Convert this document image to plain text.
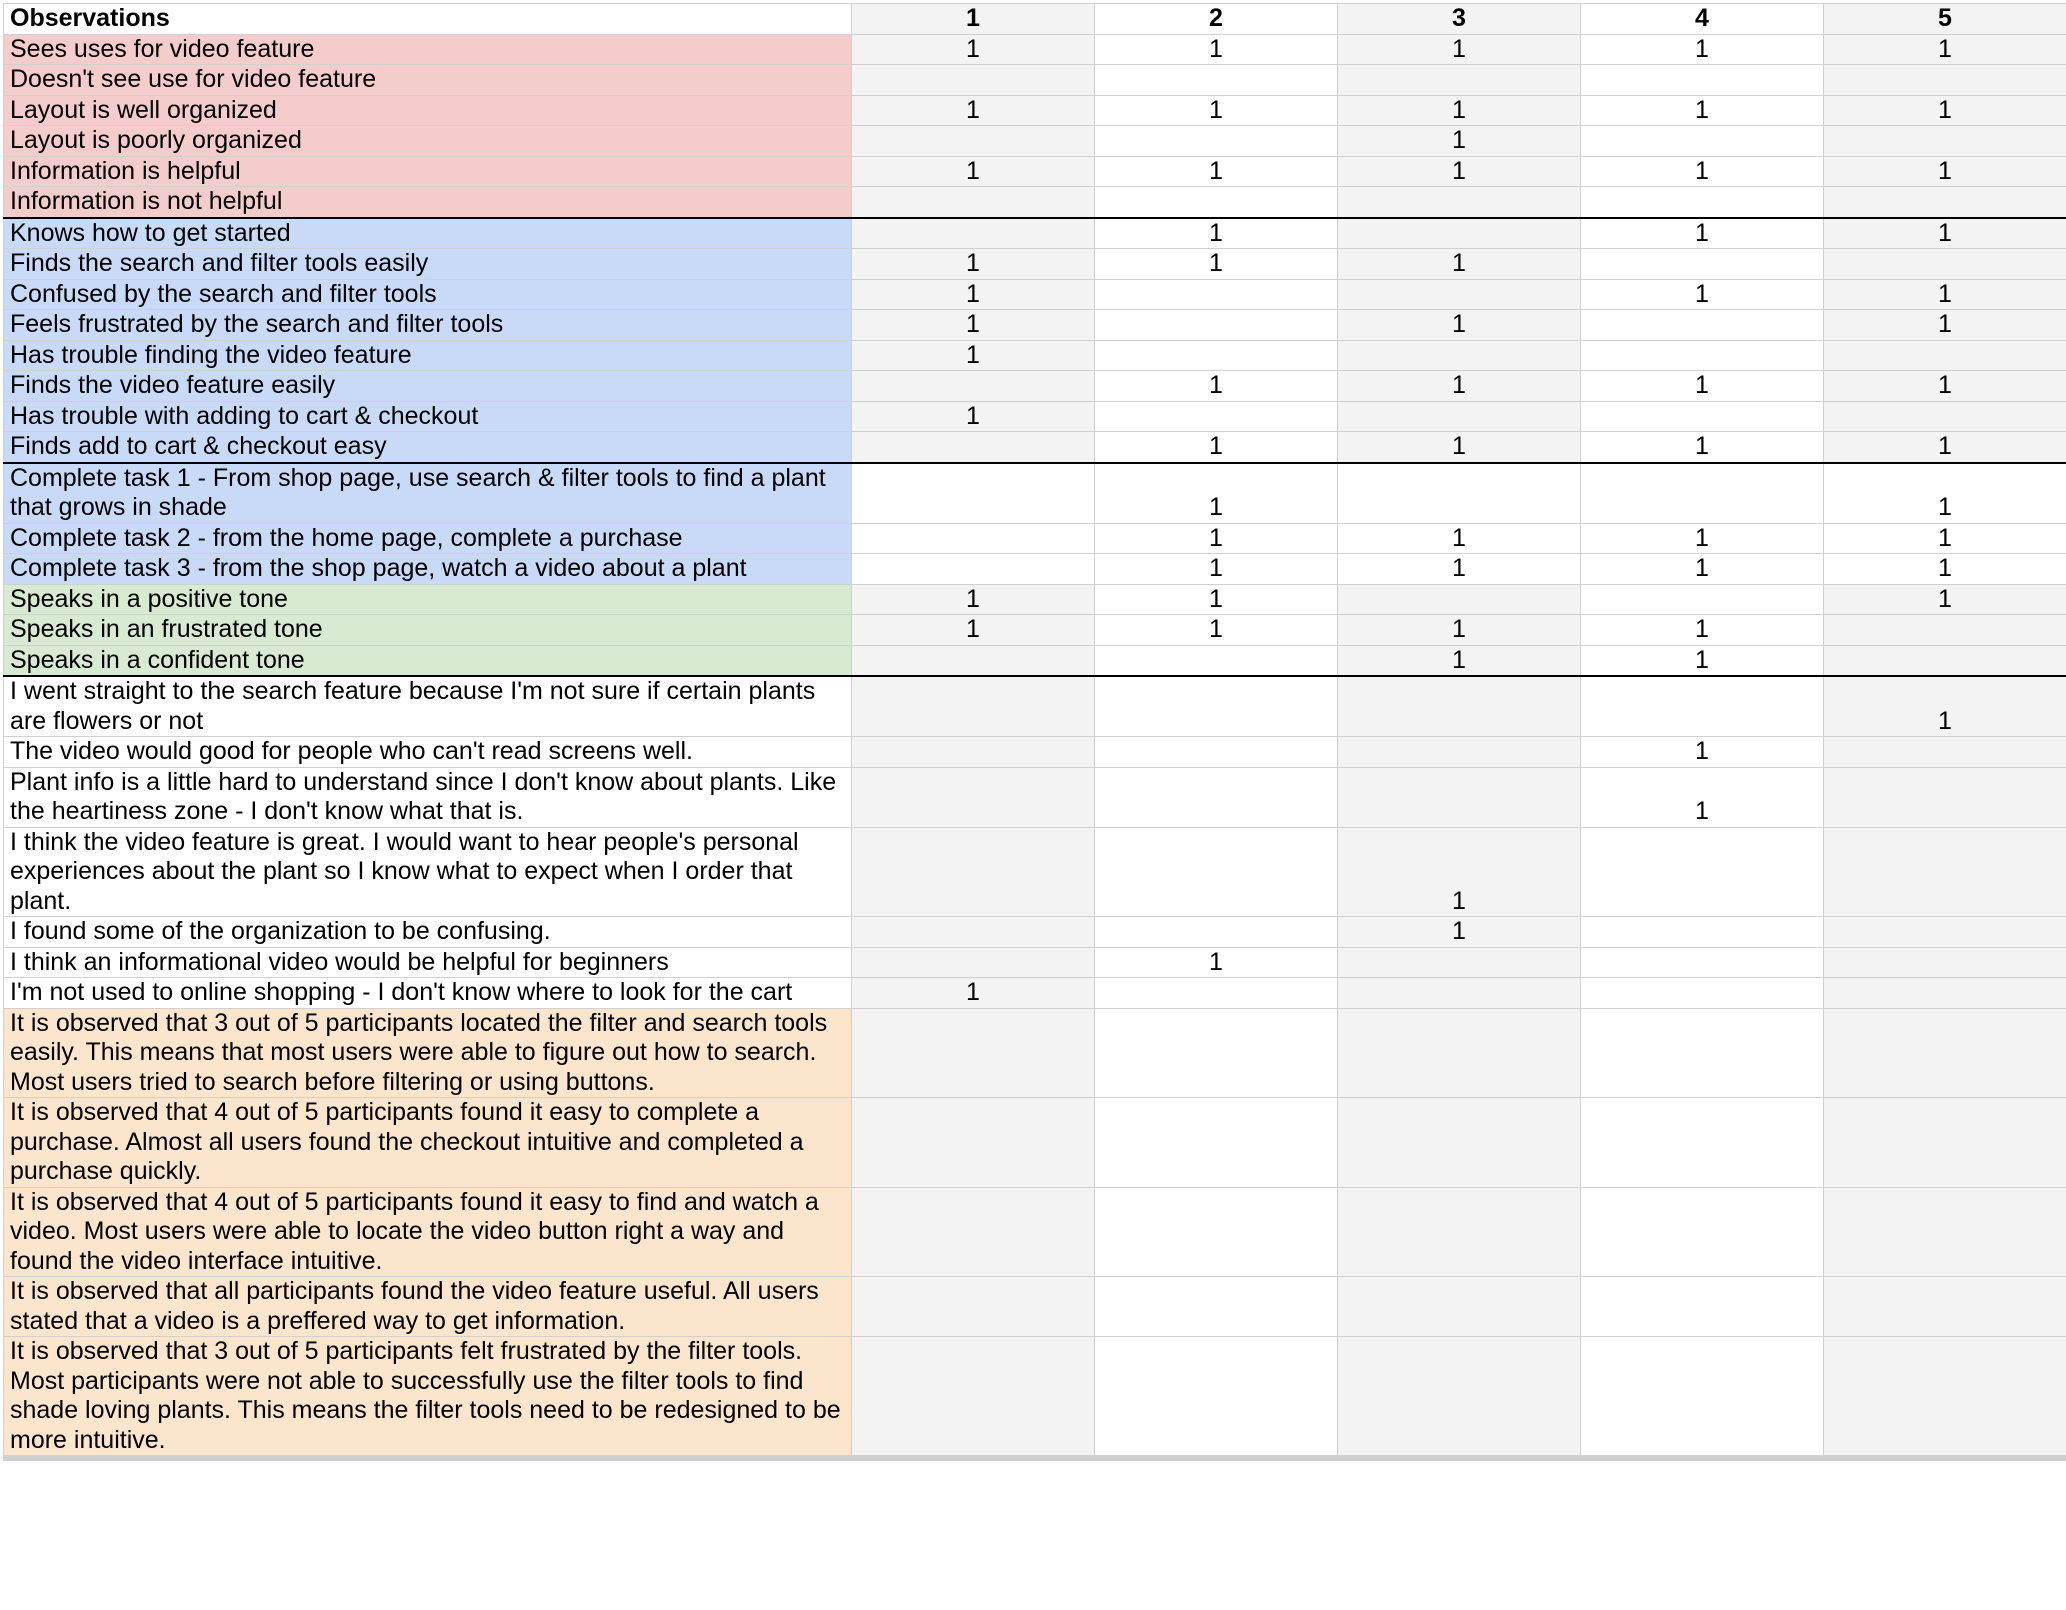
Observations	1	2	3	4	5
Sees uses for video feature	1	1	1	1	1
Doesn't see use for video feature					
Layout is well organized	1	1	1	1	1
Layout is poorly organized			1		
Information is helpful	1	1	1	1	1
Information is not helpful					
Knows how to get started		1		1	1
Finds the search and filter tools easily	1	1	1		
Confused by the search and filter tools	1			1	1
Feels frustrated by the search and filter tools	1		1		1
Has trouble finding the video feature	1				
Finds the video feature easily		1	1	1	1
Has trouble with adding to cart & checkout	1				
Finds add to cart & checkout easy		1	1	1	1
Complete task 1 - From shop page, use search & filter tools to find a plant that grows in shade		1			1
Complete task 2 - from the home page, complete a purchase		1	1	1	1
Complete task 3 - from the shop page, watch a video about a plant		1	1	1	1
Speaks in a positive tone	1	1			1
Speaks in an frustrated tone	1	1	1	1	
Speaks in a confident tone			1	1	
I went straight to the search feature because I'm not sure if certain plants are flowers or not					1
The video would good for people who can't read screens well.				1	
Plant info is a little hard to understand since I don't know about plants. Like the heartiness zone - I don't know what that is.				1	
I think the video feature is great. I would want to hear people's personal experiences about the plant so I know what to expect when I order that plant.			1		
I found some of the organization to be confusing.			1		
I think an informational video would be helpful for beginners		1			
I'm not used to online shopping - I don't know where to look for the cart	1				
It is observed that 3 out of 5 participants located the filter and search tools easily. This means that most users were able to figure out how to search. Most users tried to search before filtering or using buttons.					
It is observed that 4 out of 5 participants found it easy to complete a purchase. Almost all users found the checkout intuitive and completed a purchase quickly.					
It is observed that 4 out of 5 participants found it easy to find and watch a video. Most users were able to locate the video button right a way and found the video interface intuitive.					
It is observed that all participants found the video feature useful. All users stated that a video is a preffered way to get information.					
It is observed that 3 out of 5 participants felt frustrated by the filter tools. Most participants were not able to successfully use the filter tools to find shade loving plants. This means the filter tools need to be redesigned to be more intuitive.					
